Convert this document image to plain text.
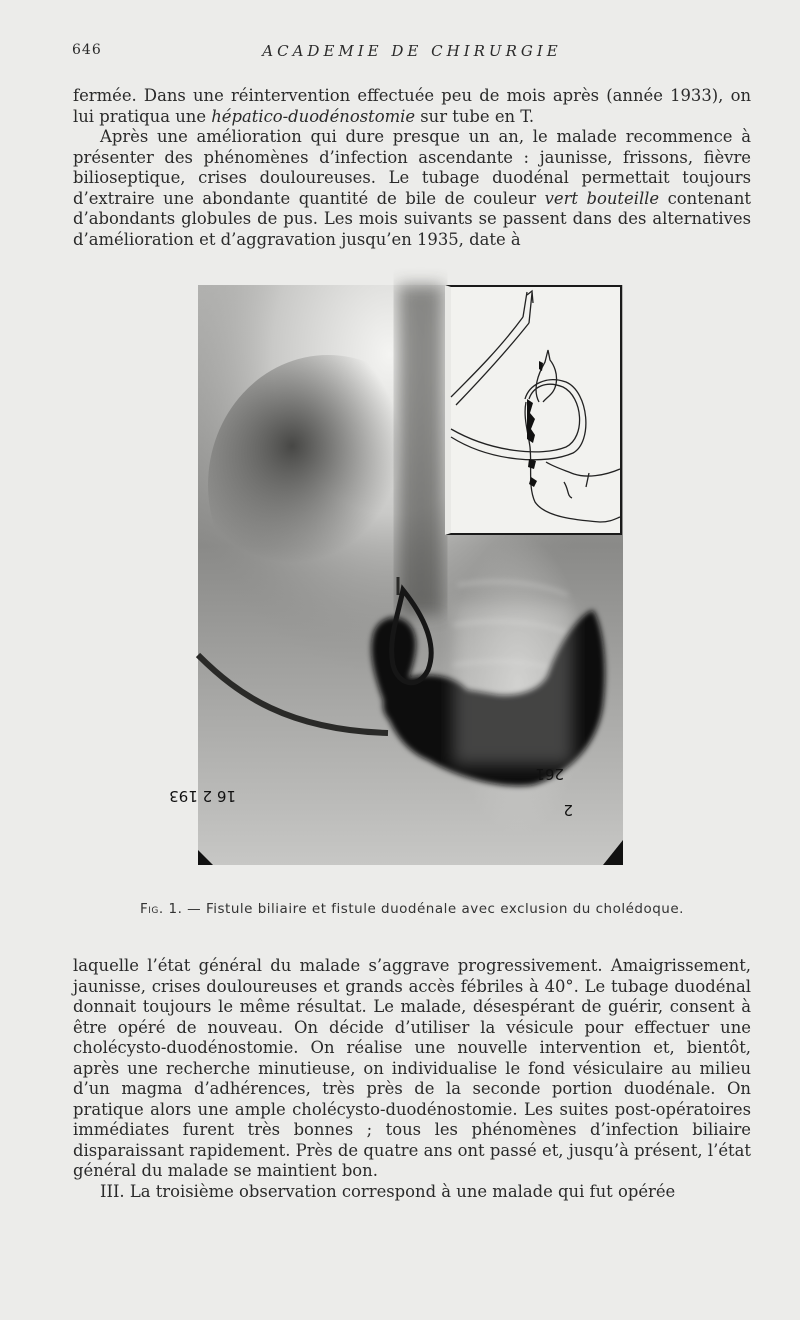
646	ACADEMIE DE CHIRURGIE

fermée. Dans une réintervention effectuée peu de mois après (année 1933), on lui pratiqua une hépatico-duodénostomie sur tube en T.

Après une amélioration qui dure presque un an, le malade recommence à présenter des phénomènes d’infection ascendante : jaunisse, frissons, fièvre bilioseptique, crises douloureuses. Le tubage duodénal permettait toujours d’extraire une abondante quantité de bile de couleur vert bouteille contenant d’abondants globules de pus. Les mois suivants se passent dans des alternatives d’amélioration et d’aggravation jusqu’en 1935, date à

16 2 193
261
2
Fig. 1. — Fistule biliaire et fistule duodénale avec exclusion du cholédoque.

laquelle l’état général du malade s’aggrave progressivement. Amaigrissement, jaunisse, crises douloureuses et grands accès fébriles à 40°. Le tubage duodénal donnait toujours le même résultat. Le malade, désespérant de guérir, consent à être opéré de nouveau. On décide d’utiliser la vésicule pour effectuer une cholécysto-duodénostomie. On réalise une nouvelle intervention et, bientôt, après une recherche minutieuse, on individualise le fond vésiculaire au milieu d’un magma d’adhérences, très près de la seconde portion duodénale. On pratique alors une ample cholécysto-duodénostomie. Les suites post-opératoires immédiates furent très bonnes ; tous les phénomènes d’infection biliaire disparaissant rapidement. Près de quatre ans ont passé et, jusqu’à présent, l’état général du malade se maintient bon.

III. La troisième observation correspond à une malade qui fut opérée
